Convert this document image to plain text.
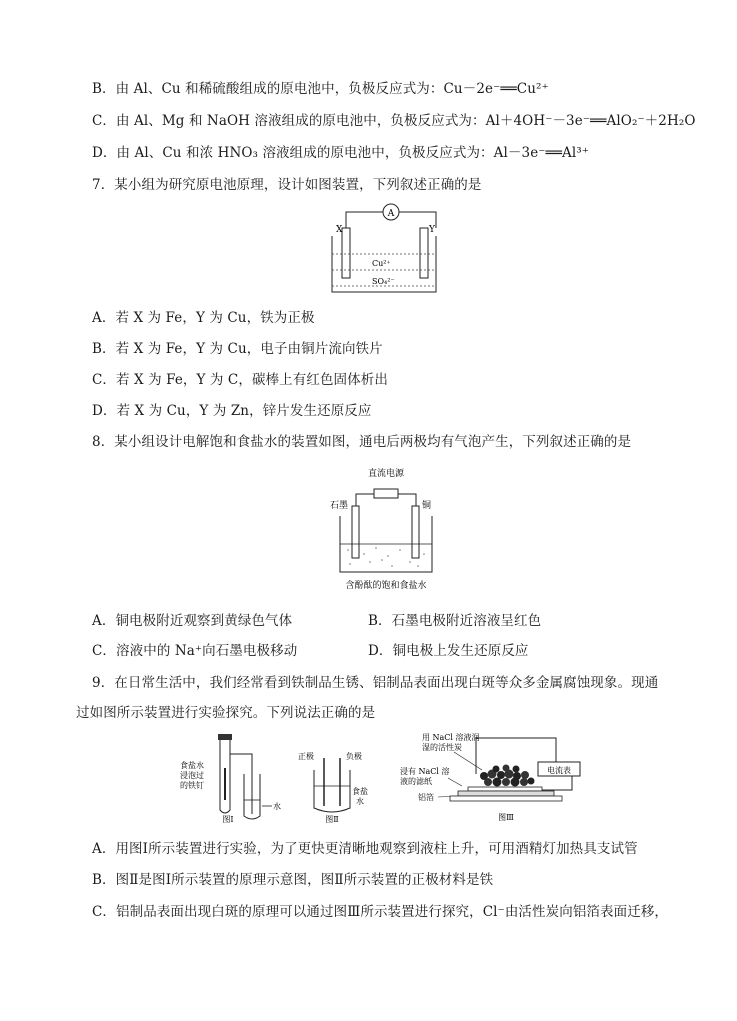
B．由 Al、Cu 和稀硫酸组成的原电池中，负极反应式为：Cu－2e⁻══Cu²⁺
C．由 Al、Mg 和 NaOH 溶液组成的原电池中，负极反应式为：Al＋4OH⁻－3e⁻══AlO₂⁻＋2H₂O
D．由 Al、Cu 和浓 HNO₃ 溶液组成的原电池中，负极反应式为：Al－3e⁻══Al³⁺
7．某小组为研究原电池原理，设计如图装置，下列叙述正确的是
A
X	Y
Cu²⁺
SO₄²⁻
A．若 X 为 Fe，Y 为 Cu，铁为正极
B．若 X 为 Fe，Y 为 Cu，电子由铜片流向铁片
C．若 X 为 Fe，Y 为 C，碳棒上有红色固体析出
D．若 X 为 Cu，Y 为 Zn，锌片发生还原反应
8．某小组设计电解饱和食盐水的装置如图，通电后两极均有气泡产生，下列叙述正确的是
直流电源
石墨	铜
含酚酞的饱和食盐水
A．铜电极附近观察到黄绿色气体	B．石墨电极附近溶液呈红色
C．溶液中的 Na⁺向石墨电极移动	D．铜电极上发生还原反应
9．在日常生活中，我们经常看到铁制品生锈、铝制品表面出现白斑等众多金属腐蚀现象。现通
过如图所示装置进行实验探究。下列说法正确的是
食盐水
浸泡过
的铁钉
水
图Ⅰ
正极	负极
食盐
水
图Ⅱ
用 NaCl 溶液润
湿的活性炭
浸有 NaCl 溶
液的滤纸
铝箔
电流表
图Ⅲ
A．用图Ⅰ所示装置进行实验，为了更快更清晰地观察到液柱上升，可用酒精灯加热具支试管
B．图Ⅱ是图Ⅰ所示装置的原理示意图，图Ⅱ所示装置的正极材料是铁
C．铝制品表面出现白斑的原理可以通过图Ⅲ所示装置进行探究，Cl⁻由活性炭向铝箔表面迁移，
